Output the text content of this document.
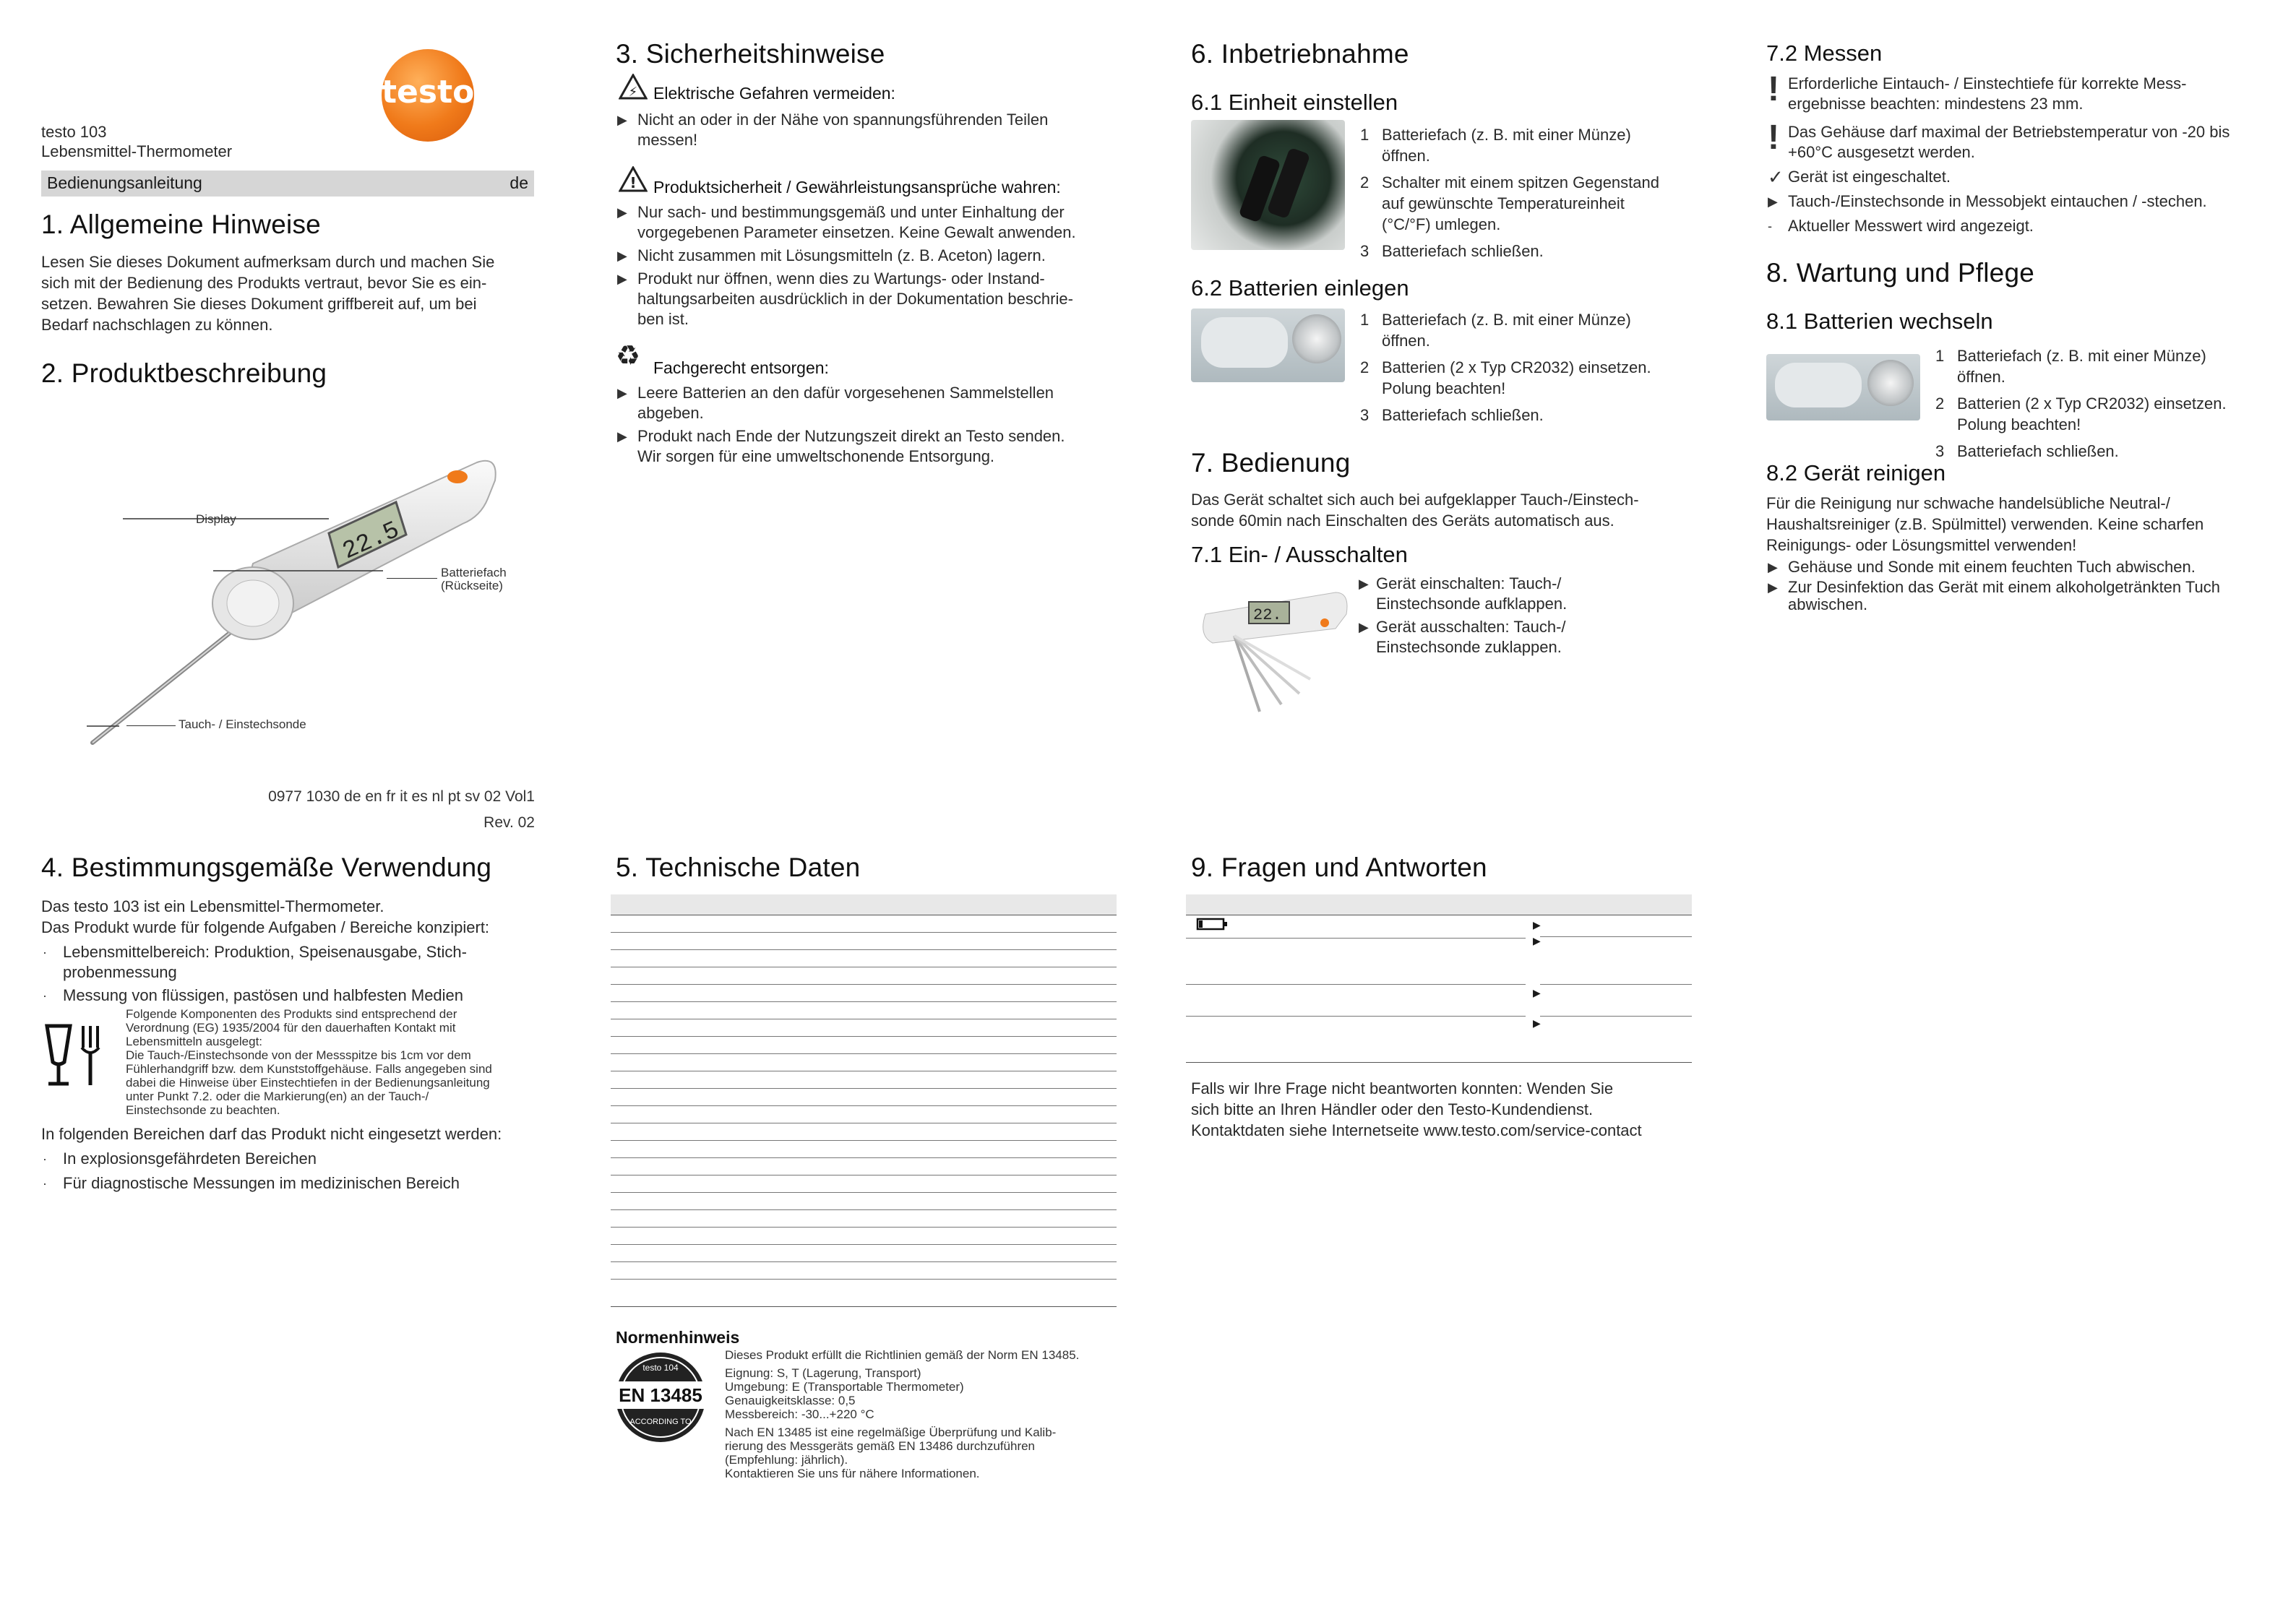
testo
testo 103
Lebensmittel-Thermometer
Bedienungsanleitung	de
1. Allgemeine Hinweise
Lesen Sie dieses Dokument aufmerksam durch und machen Sie
sich mit der Bedienung des Produkts vertraut, bevor Sie es ein-
setzen. Bewahren Sie dieses Dokument griffbereit auf, um bei
Bedarf nachschlagen zu können.
2. Produktbeschreibung
22.5
Display
Batteriefach
(Rückseite)
Tauch- / Einstechsonde
0977 1030 de en fr it es nl pt sv 02 Vol1
Rev. 02
3. Sicherheitshinweise
⚡ Elektrische Gefahren vermeiden:
▶ Nicht an oder in der Nähe von spannungsführenden Teilen
messen!
! Produktsicherheit / Gewährleistungsansprüche wahren:
▶ Nur sach- und bestimmungsgemäß und unter Einhaltung der
vorgegebenen Parameter einsetzen. Keine Gewalt anwenden.
▶ Nicht zusammen mit Lösungsmitteln (z. B. Aceton) lagern.
▶ Produkt nur öffnen, wenn dies zu Wartungs- oder Instand-
haltungsarbeiten ausdrücklich in der Dokumentation beschrie-
ben ist.
♻ Fachgerecht entsorgen:
▶ Leere Batterien an den dafür vorgesehenen Sammelstellen
abgeben.
▶ Produkt nach Ende der Nutzungszeit direkt an Testo senden.
Wir sorgen für eine umweltschonende Entsorgung.
6. Inbetriebnahme
6.1 Einheit einstellen
1 Batteriefach (z. B. mit einer Münze)
öffnen.
2 Schalter mit einem spitzen Gegenstand
auf gewünschte Temperatureinheit
(°C/°F) umlegen.
3 Batteriefach schließen.
6.2 Batterien einlegen
1 Batteriefach (z. B. mit einer Münze)
öffnen.
2 Batterien (2 x Typ CR2032) einsetzen.
Polung beachten!
3 Batteriefach schließen.
7. Bedienung
Das Gerät schaltet sich auch bei aufgeklapper Tauch-/Einstech-
sonde 60min nach Einschalten des Geräts automatisch aus.
7.1 Ein- / Ausschalten
22.
▶ Gerät einschalten: Tauch-/
Einstechsonde aufklappen.
▶ Gerät ausschalten: Tauch-/
Einstechsonde zuklappen.
7.2 Messen
! Erforderliche Eintauch- / Einstechtiefe für korrekte Mess-
ergebnisse beachten: mindestens 23 mm.
! Das Gehäuse darf maximal der Betriebstemperatur von -20 bis
+60°C ausgesetzt werden.
✓ Gerät ist eingeschaltet.
▶ Tauch-/Einstechsonde in Messobjekt eintauchen / -stechen.
- Aktueller Messwert wird angezeigt.
8. Wartung und Pflege
8.1 Batterien wechseln
1 Batteriefach (z. B. mit einer Münze)
öffnen.
2 Batterien (2 x Typ CR2032) einsetzen.
Polung beachten!
3 Batteriefach schließen.
8.2 Gerät reinigen
Für die Reinigung nur schwache handelsübliche Neutral-/
Haushaltsreiniger (z.B. Spülmittel) verwenden. Keine scharfen
Reinigungs- oder Lösungsmittel verwenden!
▶ Gehäuse und Sonde mit einem feuchten Tuch abwischen.
▶ Zur Desinfektion das Gerät mit einem alkoholgetränkten Tuch
abwischen.
4. Bestimmungsgemäße Verwendung
Das testo 103 ist ein Lebensmittel-Thermometer.
Das Produkt wurde für folgende Aufgaben / Bereiche konzipiert:
· Lebensmittelbereich: Produktion, Speisenausgabe, Stich-
probenmessung
· Messung von flüssigen, pastösen und halbfesten Medien
Folgende Komponenten des Produkts sind entsprechend der
Verordnung (EG) 1935/2004 für den dauerhaften Kontakt mit
Lebensmitteln ausgelegt:
Die Tauch-/Einstechsonde von der Messspitze bis 1cm vor dem
Fühlerhandgriff bzw. dem Kunststoffgehäuse. Falls angegeben sind
dabei die Hinweise über Einstechtiefen in der Bedienungsanleitung
unter Punkt 7.2. oder die Markierung(en) an der Tauch-/
Einstechsonde zu beachten.
In folgenden Bereichen darf das Produkt nicht eingesetzt werden:
· In explosionsgefährdeten Bereichen
· Für diagnostische Messungen im medizinischen Bereich
5. Technische Daten
Normenhinweis
testo 104
EN 13485
ACCORDING TO
Dieses Produkt erfüllt die Richtlinien gemäß der Norm EN 13485.
Eignung: S, T (Lagerung, Transport)
Umgebung: E (Transportable Thermometer)
Genauigkeitsklasse: 0,5
Messbereich: -30...+220 °C
Nach EN 13485 ist eine regelmäßige Überprüfung und Kalib-
rierung des Messgeräts gemäß EN 13486 durchzuführen
(Empfehlung: jährlich).
Kontaktieren Sie uns für nähere Informationen.
9. Fragen und Antworten
▶
▶
▶
▶
Falls wir Ihre Frage nicht beantworten konnten: Wenden Sie
sich bitte an Ihren Händler oder den Testo-Kundendienst.
Kontaktdaten siehe Internetseite www.testo.com/service-contact
